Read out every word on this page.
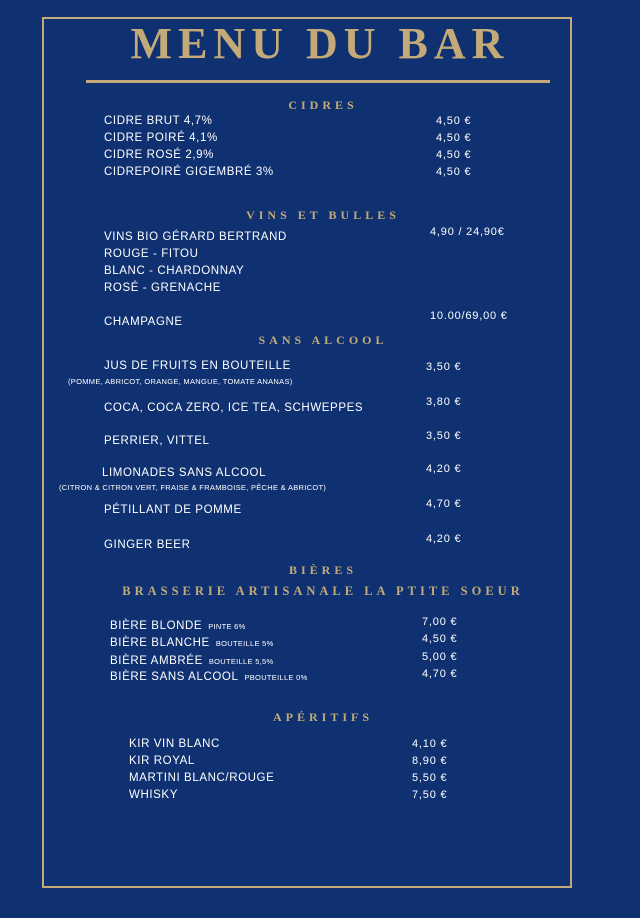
MENU DU BAR
CIDRES
CIDRE BRUT 4,7%	4,50 €
CIDRE POIRÉ 4,1%	4,50 €
CIDRE ROSÉ 2,9%	4,50 €
CIDREPOIRÉ GIGEMBRÉ 3%	4,50 €
VINS ET BULLES
VINS BIO GÉRARD BERTRAND	4,90 / 24,90€
ROUGE - FITOU
BLANC - CHARDONNAY
ROSÉ - GRENACHE
CHAMPAGNE	10.00/69,00 €
SANS ALCOOL
JUS DE FRUITS EN BOUTEILLE	3,50 €
(POMME, ABRICOT, ORANGE, MANGUE, TOMATE ANANAS)
COCA, COCA ZERO, ICE TEA, SCHWEPPES	3,80 €
PERRIER, VITTEL	3,50 €
LIMONADES SANS ALCOOL	4,20 €
(CITRON & CITRON VERT, FRAISE & FRAMBOISE, PÊCHE & ABRICOT)
PÉTILLANT DE POMME	4,70 €
GINGER BEER	4,20 €
BIÈRES
BRASSERIE ARTISANALE LA PTITE SOEUR
BIÈRE BLONDE PINTE 6%	7,00 €
BIÈRE BLANCHE BOUTEILLE 5%	4,50 €
BIÈRE AMBRÉE BOUTEILLE 5,5%	5,00 €
BIÈRE SANS ALCOOL PBOUTEILLE 0%	4,70 €
APÉRITIFS
KIR VIN BLANC	4,10 €
KIR ROYAL	8,90 €
MARTINI BLANC/ROUGE	5,50 €
WHISKY	7,50 €
